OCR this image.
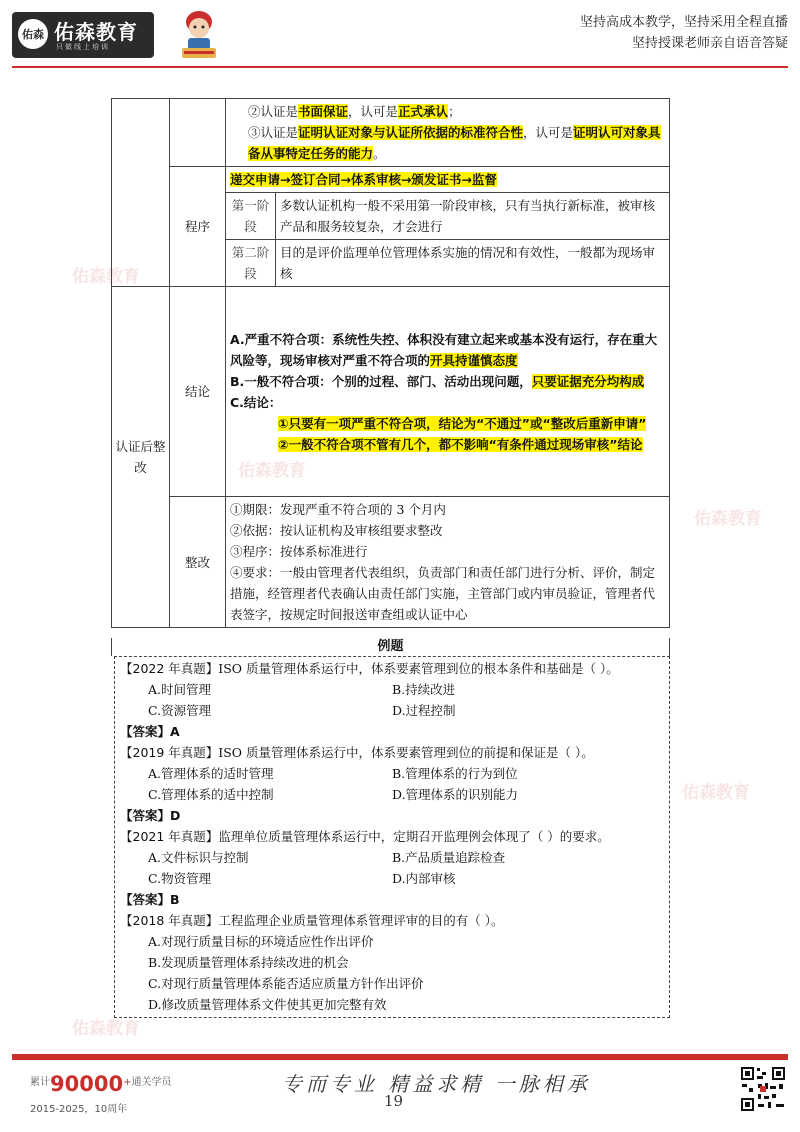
佑森 佑森教育
只做线上培训
坚持高成本教学，坚持采用全程直播
坚持授课老师亲自语音答疑
佑森教育
佑森教育
佑森教育
佑森教育
佑森教育

		②认证是书面保证，认可是正式承认；

③认证是证明认证对象与认证所依据的标准符合性，认可是证明认可对象具备从事特定任务的能力。	

	程序	递交申请→签订合同→体系审核→颁发证书→监督	
		第一阶段	多数认证机构一般不采用第一阶段审核，只有当执行新标准，被审核产品和服务较复杂，才会进行
		第二阶段	目的是评价监理单位管理体系实施的情况和有效性，一般都为现场审核
认证后整改	结论	A.严重不符合项：系统性失控、体积没有建立起来或基本没有运行，存在重大风险等，现场审核对严重不符合项的开具持谨慎态度

B.一般不符合项：个别的过程、部门、活动出现问题，只要证据充分均构成

C.结论：

①只要有一项严重不符合项，结论为“不通过”或“整改后重新申请”

②一般不符合项不管有几个，都不影响“有条件通过现场审核”结论	

	整改	①期限：发现严重不符合项的 3 个月内

②依据：按认证机构及审核组要求整改

③程序：按体系标准进行

④要求：一般由管理者代表组织，负责部门和责任部门进行分析、评价，制定措施，经管理者代表确认由责任部门实施，主管部门或内审员验证，管理者代表签字，按规定时间报送审查组或认证中心	

例题
【2022 年真题】ISO 质量管理体系运行中，体系要素管理到位的根本条件和基础是（ ）。
A.时间管理	B.持续改进
C.资源管理	D.过程控制
【答案】A
【2019 年真题】ISO 质量管理体系运行中，体系要素管理到位的前提和保证是（ ）。
A.管理体系的适时管理	B.管理体系的行为到位
C.管理体系的适中控制	D.管理体系的识别能力
【答案】D
【2021 年真题】监理单位质量管理体系运行中，定期召开监理例会体现了（ ）的要求。
A.文件标识与控制	B.产品质量追踪检查
C.物资管理	D.内部审核
【答案】B
【2018 年真题】工程监理企业质量管理体系管理评审的目的有（ ）。
A.对现行质量目标的环境适应性作出评价
B.发现质量管理体系持续改进的机会
C.对现行质量管理体系能否适应质量方针作出评价
D.修改质量管理体系文件使其更加完整有效
$^{累计}90000^{+通关学员}$
2015-2025，10周年
专而专业 精益求精 一脉相承
19
